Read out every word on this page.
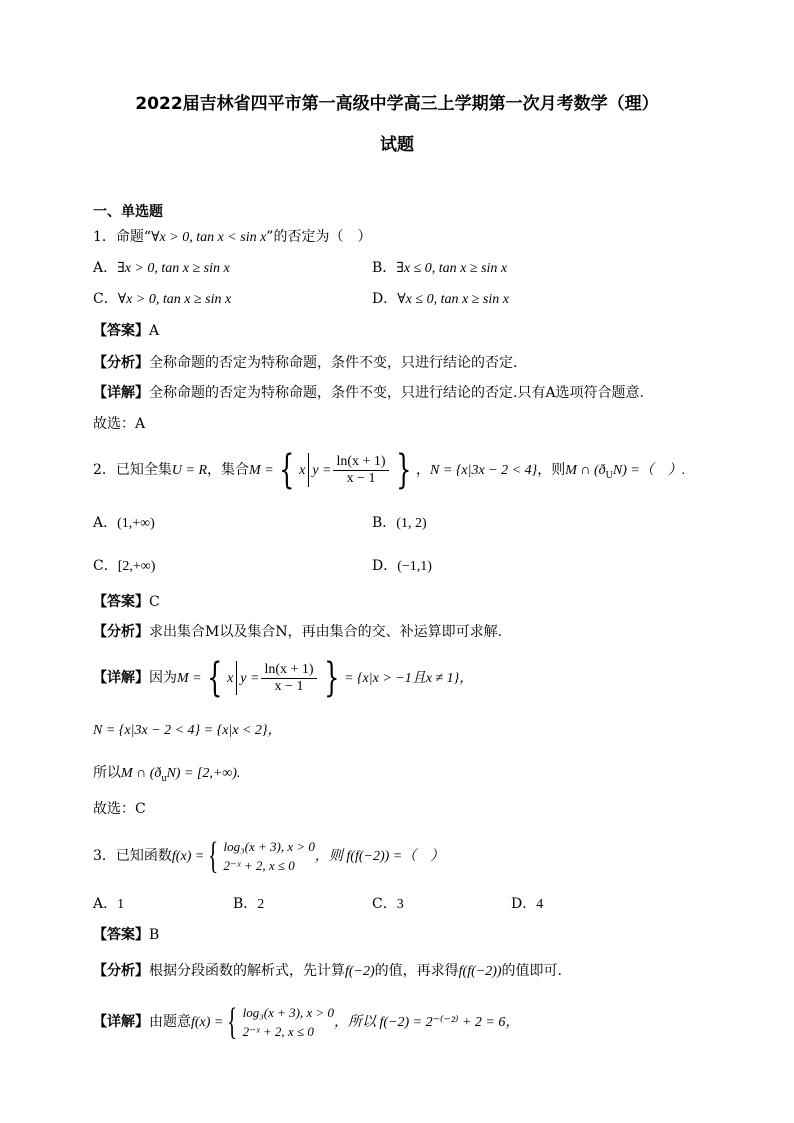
2022届吉林省四平市第一高级中学高三上学期第一次月考数学（理）
试题
一、单选题
1．命题“∀x > 0, tan x < sin x”的否定为（　）
A．∃x > 0, tan x ≥ sin x	B．∃x ≤ 0, tan x ≥ sin x
C．∀x > 0, tan x ≥ sin x	D．∀x ≤ 0, tan x ≥ sin x
【答案】A
【分析】全称命题的否定为特称命题，条件不变，只进行结论的否定.
【详解】全称命题的否定为特称命题，条件不变，只进行结论的否定.只有A选项符合题意.
故选：A
2．已知全集U = R，集合M = { x $y = \frac{\ln(x + 1)}{x - 1}$ } ，N = {x|3x − 2 < 4}，则M ∩ $(ð_UN)$ =（　）.
A．(1,+∞)	B．(1, 2)
C．[2,+∞)	D．(−1,1)
【答案】C
【分析】求出集合M以及集合N，再由集合的交、补运算即可求解.
【详解】因为M = { x $y = \frac{\ln(x + 1)}{x - 1}$ } = {x|x > −1且x ≠ 1}，
N = {x|3x − 2 < 4} = {x|x < 2}，
所以M ∩ $(ð_uN) = [2,+\infty)$.
故选：C
3．已知函数f(x) = { log₃(x + 3), x > 0
2⁻ˣ + 2, x ≤ 0
，则 f(f(−2)) =（　）
A．1	B．2	C．3	D．4
【答案】B
【分析】根据分段函数的解析式，先计算f(−2)的值，再求得f(f(−2))的值即可.
【详解】由题意f(x) = { log₃(x + 3), x > 0
2⁻ˣ + 2, x ≤ 0
，所以 f(−2) = 2⁻⁽⁻²⁾ + 2 = 6，
